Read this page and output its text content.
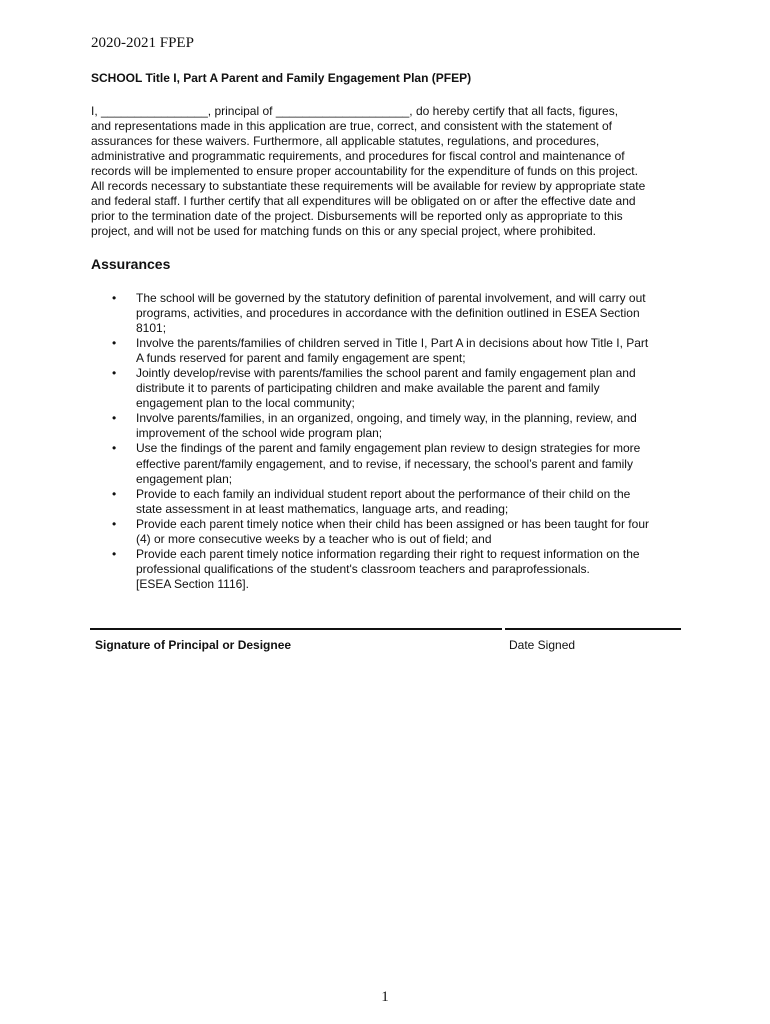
2020-2021 FPEP
SCHOOL Title I, Part A Parent and Family Engagement Plan (PFEP)

I, ________________, principal of ____________________, do hereby certify that all facts, figures,
and representations made in this application are true, correct, and consistent with the statement of
assurances for these waivers. Furthermore, all applicable statutes, regulations, and procedures,
administrative and programmatic requirements, and procedures for fiscal control and maintenance of
records will be implemented to ensure proper accountability for the expenditure of funds on this project.
All records necessary to substantiate these requirements will be available for review by appropriate state
and federal staff. I further certify that all expenditures will be obligated on or after the effective date and
prior to the termination date of the project. Disbursements will be reported only as appropriate to this
project, and will not be used for matching funds on this or any special project, where prohibited.

Assurances
• The school will be governed by the statutory definition of parental involvement, and will carry out
programs, activities, and procedures in accordance with the definition outlined in ESEA Section
8101;
• Involve the parents/families of children served in Title I, Part A in decisions about how Title I, Part
A funds reserved for parent and family engagement are spent;
• Jointly develop/revise with parents/families the school parent and family engagement plan and
distribute it to parents of participating children and make available the parent and family
engagement plan to the local community;
• Involve parents/families, in an organized, ongoing, and timely way, in the planning, review, and
improvement of the school wide program plan;
• Use the findings of the parent and family engagement plan review to design strategies for more
effective parent/family engagement, and to revise, if necessary, the school’s parent and family
engagement plan;
• Provide to each family an individual student report about the performance of their child on the
state assessment in at least mathematics, language arts, and reading;
• Provide each parent timely notice when their child has been assigned or has been taught for four
(4) or more consecutive weeks by a teacher who is out of field; and
• Provide each parent timely notice information regarding their right to request information on the
professional qualifications of the student's classroom teachers and paraprofessionals.
[ESEA Section 1116].
Signature of Principal or Designee	Date Signed
1
